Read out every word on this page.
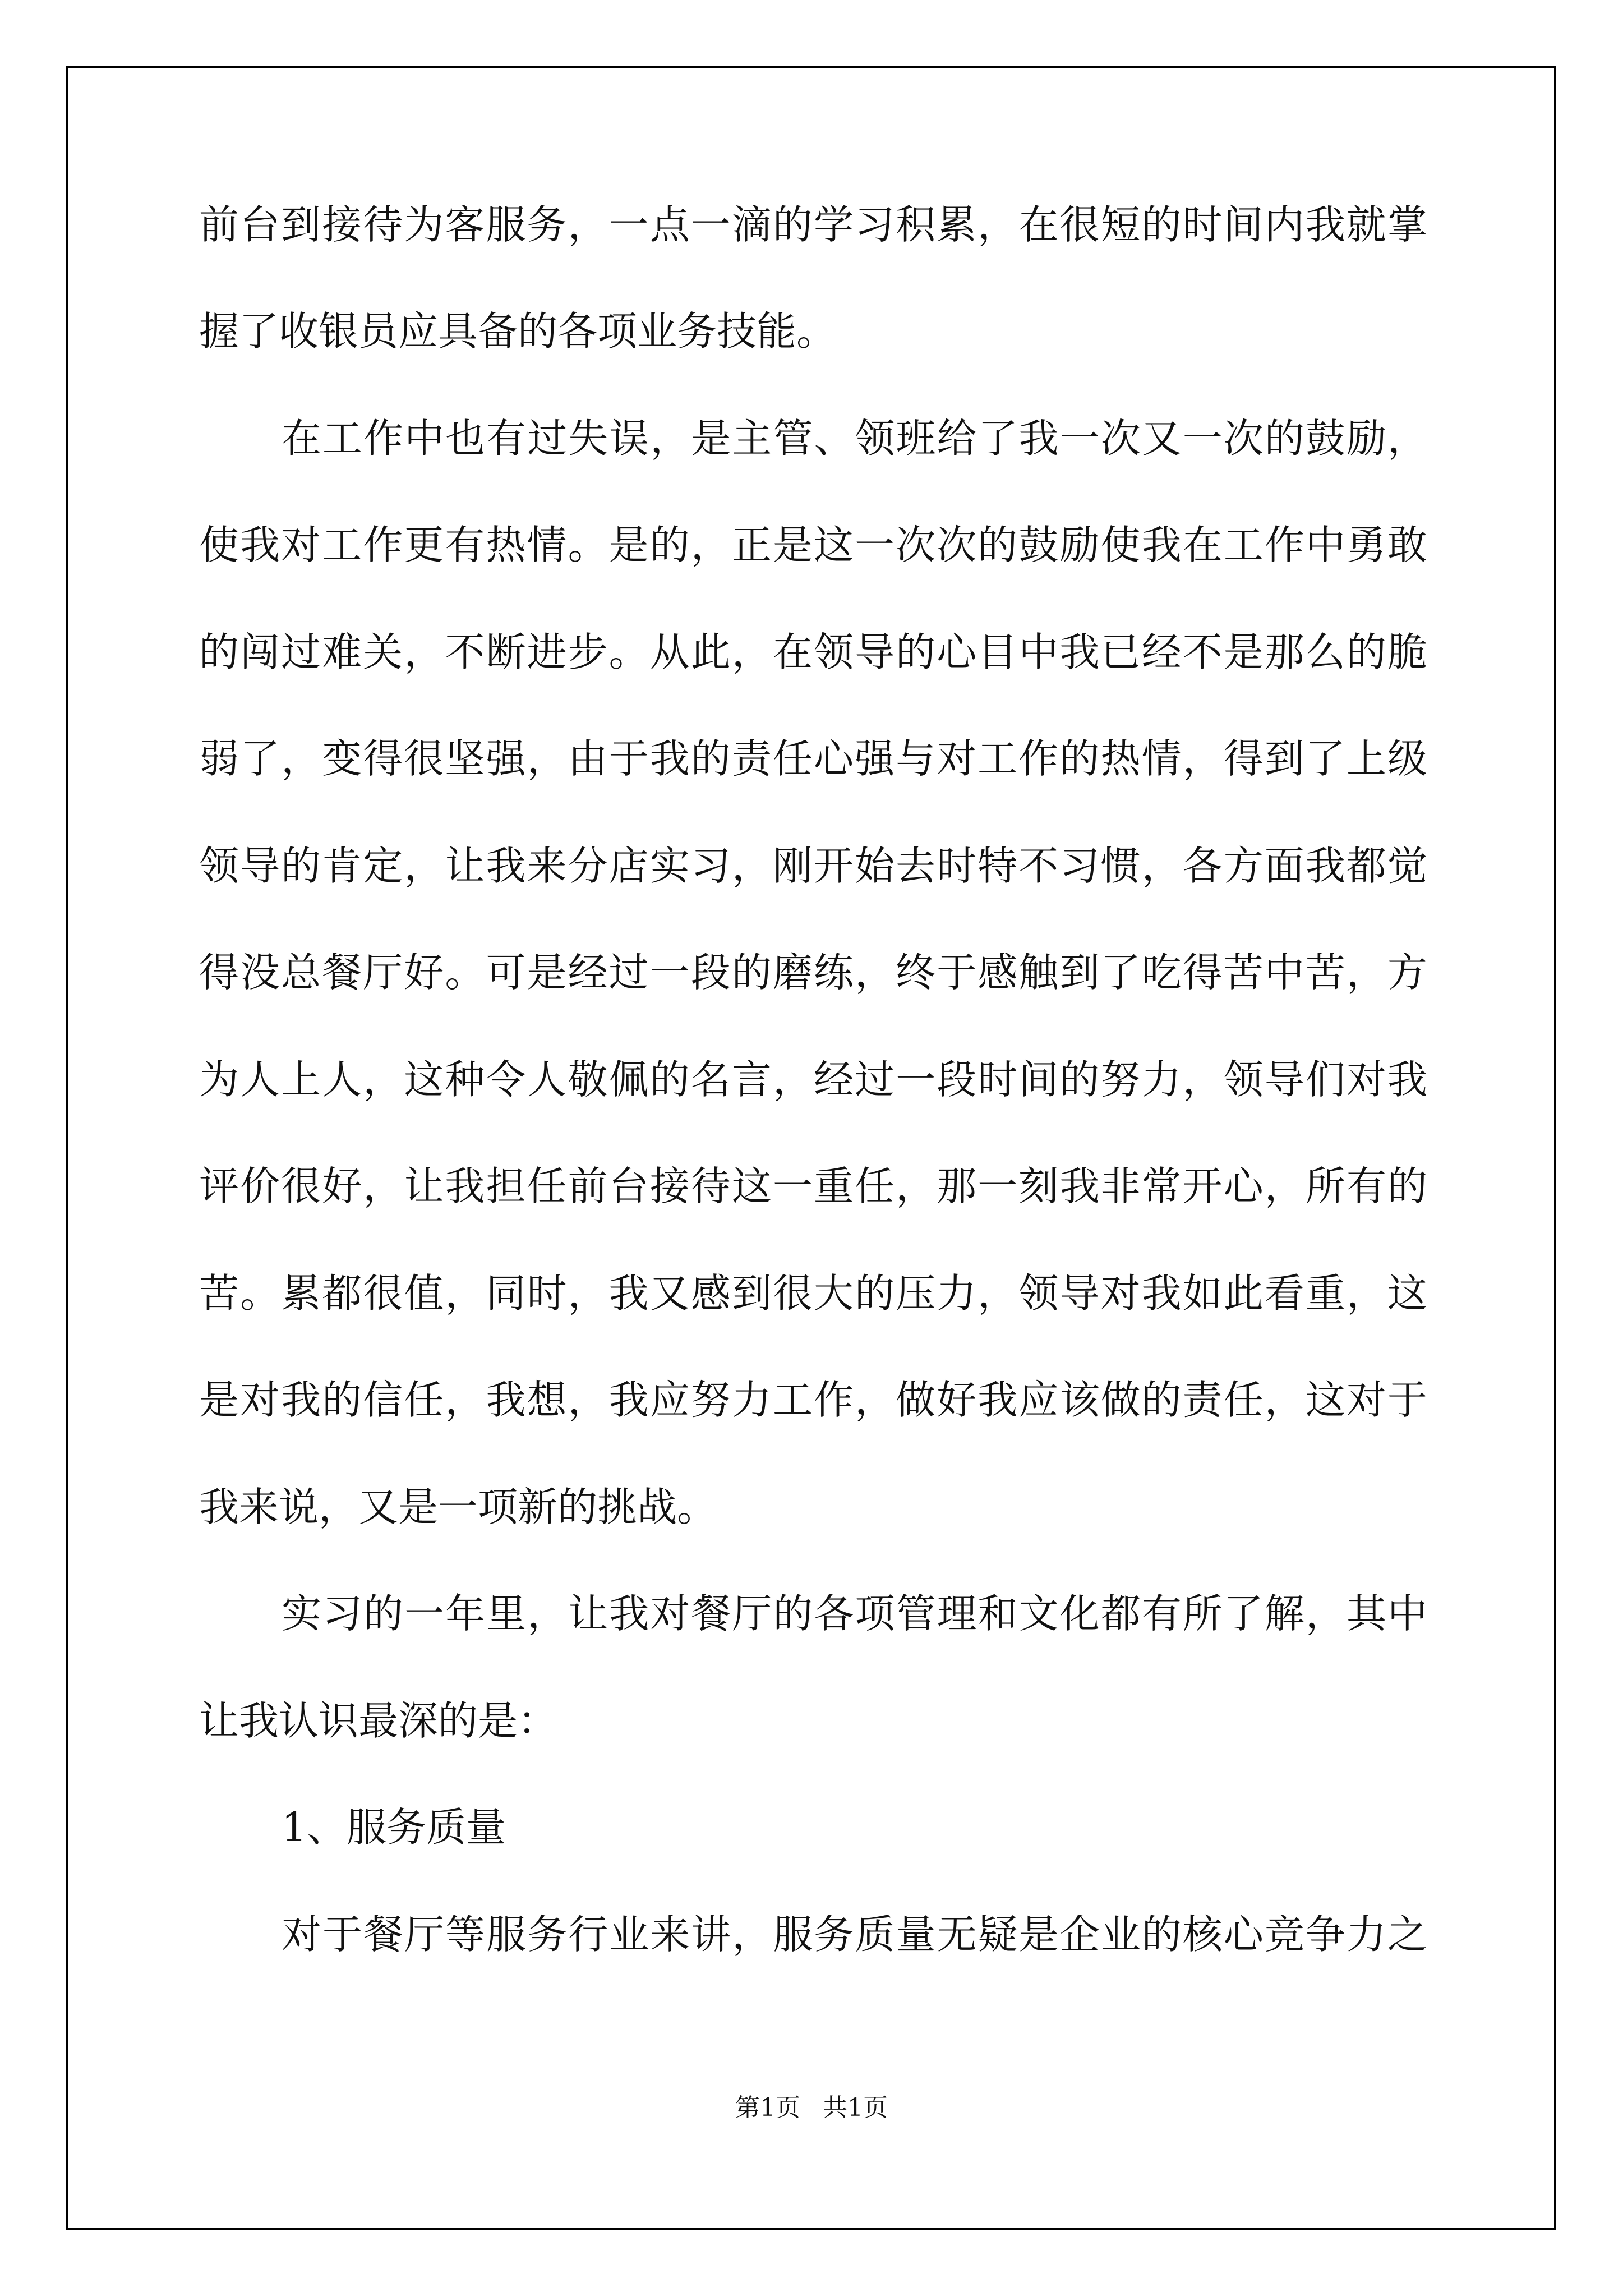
前台到接待为客服务，一点一滴的学习积累，在很短的时间内我就掌
握了收银员应具备的各项业务技能。
在工作中也有过失误，是主管、领班给了我一次又一次的鼓励，
使我对工作更有热情。是的，正是这一次次的鼓励使我在工作中勇敢
的闯过难关，不断进步。从此，在领导的心目中我已经不是那么的脆
弱了，变得很坚强，由于我的责任心强与对工作的热情，得到了上级
领导的肯定，让我来分店实习，刚开始去时特不习惯，各方面我都觉
得没总餐厅好。可是经过一段的磨练，终于感触到了吃得苦中苦，方
为人上人，这种令人敬佩的名言，经过一段时间的努力，领导们对我
评价很好，让我担任前台接待这一重任，那一刻我非常开心，所有的
苦。累都很值，同时，我又感到很大的压力，领导对我如此看重，这
是对我的信任，我想，我应努力工作，做好我应该做的责任，这对于
我来说，又是一项新的挑战。
实习的一年里，让我对餐厅的各项管理和文化都有所了解，其中
让我认识最深的是：
1、服务质量
对于餐厅等服务行业来讲，服务质量无疑是企业的核心竞争力之
第1页 共1页
